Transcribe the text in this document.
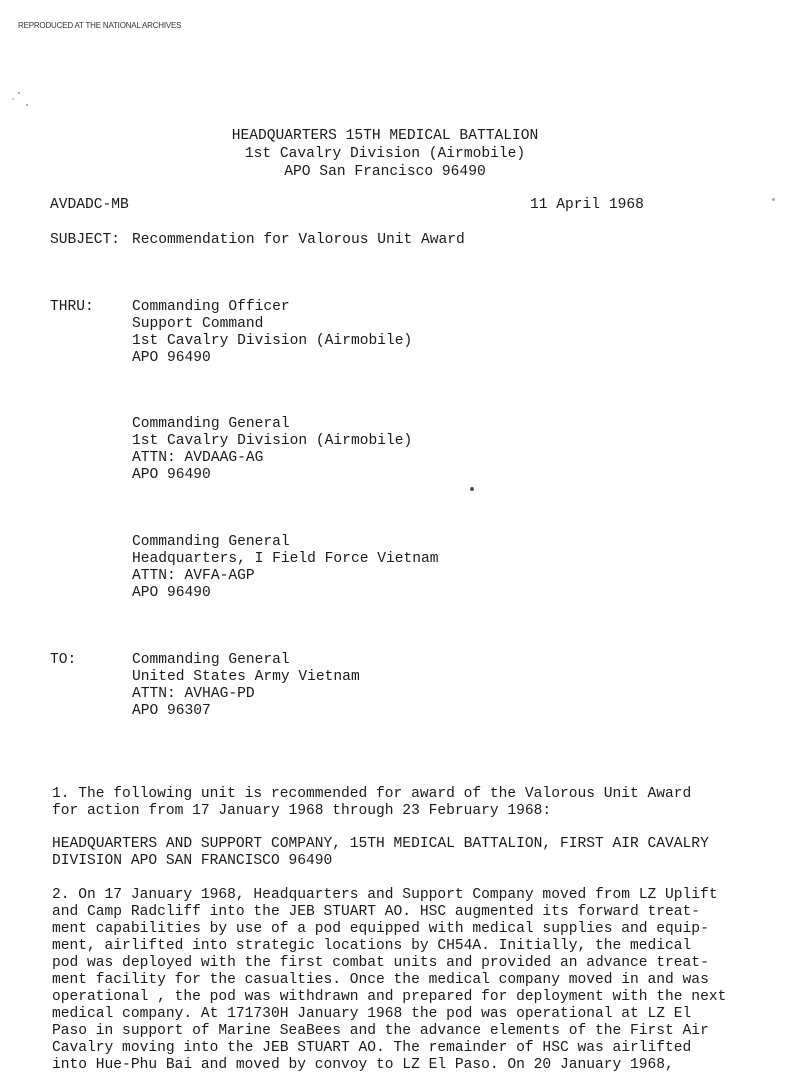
REPRODUCED AT THE NATIONAL ARCHIVES
HEADQUARTERS 15TH MEDICAL BATTALION
1st Cavalry Division (Airmobile)
APO San Francisco 96490
AVDADC-MB	11 April 1968
SUBJECT: Recommendation for Valorous Unit Award
THRU:	Commanding Officer
Support Command
1st Cavalry Division (Airmobile)
APO 96490
Commanding General
1st Cavalry Division (Airmobile)
ATTN: AVDAAG-AG
APO 96490
Commanding General
Headquarters, I Field Force Vietnam
ATTN: AVFA-AGP
APO 96490
TO:	Commanding General
United States Army Vietnam
ATTN: AVHAG-PD
APO 96307
1. The following unit is recommended for award of the Valorous Unit Award
for action from 17 January 1968 through 23 February 1968:
HEADQUARTERS AND SUPPORT COMPANY, 15TH MEDICAL BATTALION, FIRST AIR CAVALRY
DIVISION APO SAN FRANCISCO 96490
2. On 17 January 1968, Headquarters and Support Company moved from LZ Uplift
and Camp Radcliff into the JEB STUART AO. HSC augmented its forward treat-
ment capabilities by use of a pod equipped with medical supplies and equip-
ment, airlifted into strategic locations by CH54A. Initially, the medical
pod was deployed with the first combat units and provided an advance treat-
ment facility for the casualties. Once the medical company moved in and was
operational , the pod was withdrawn and prepared for deployment with the next
medical company. At 171730H January 1968 the pod was operational at LZ El
Paso in support of Marine SeaBees and the advance elements of the First Air
Cavalry moving into the JEB STUART AO. The remainder of HSC was airlifted
into Hue-Phu Bai and moved by convoy to LZ El Paso. On 20 January 1968,
